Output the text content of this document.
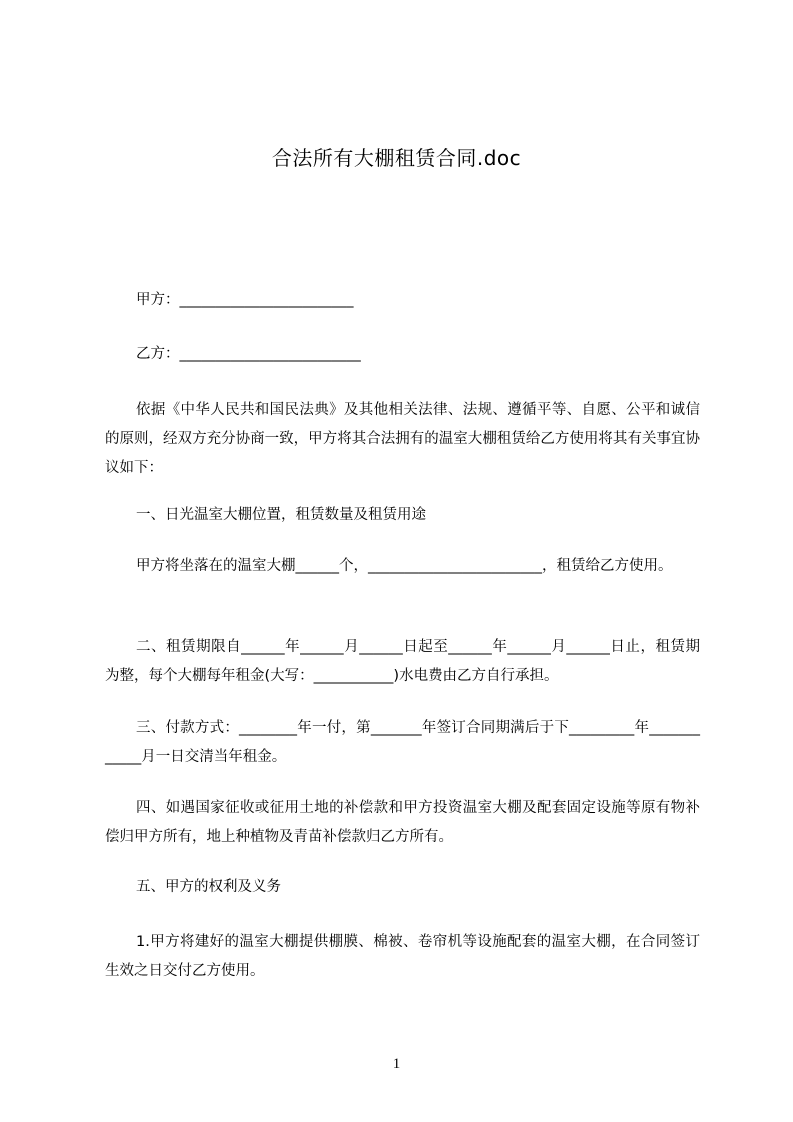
合法所有大棚租赁合同.doc
甲方：________________________
乙方：_________________________
依据《中华人民共和国民法典》及其他相关法律、法规、遵循平等、自愿、公平和诚信的原则，经双方充分协商一致，甲方将其合法拥有的温室大棚租赁给乙方使用将其有关事宜协议如下：
一、日光温室大棚位置，租赁数量及租赁用途
甲方将坐落在的温室大棚______个，________________________，租赁给乙方使用。
二、租赁期限自______年______月______日起至______年______月______日止，租赁期为整，每个大棚每年租金(大写：___________)水电费由乙方自行承担。
三、付款方式：________年一付，第_______年签订合同期满后于下_________年____________月一日交清当年租金。
四、如遇国家征收或征用土地的补偿款和甲方投资温室大棚及配套固定设施等原有物补偿归甲方所有，地上种植物及青苗补偿款归乙方所有。
五、甲方的权利及义务
1.甲方将建好的温室大棚提供棚膜、棉被、卷帘机等设施配套的温室大棚，在合同签订生效之日交付乙方使用。
1
